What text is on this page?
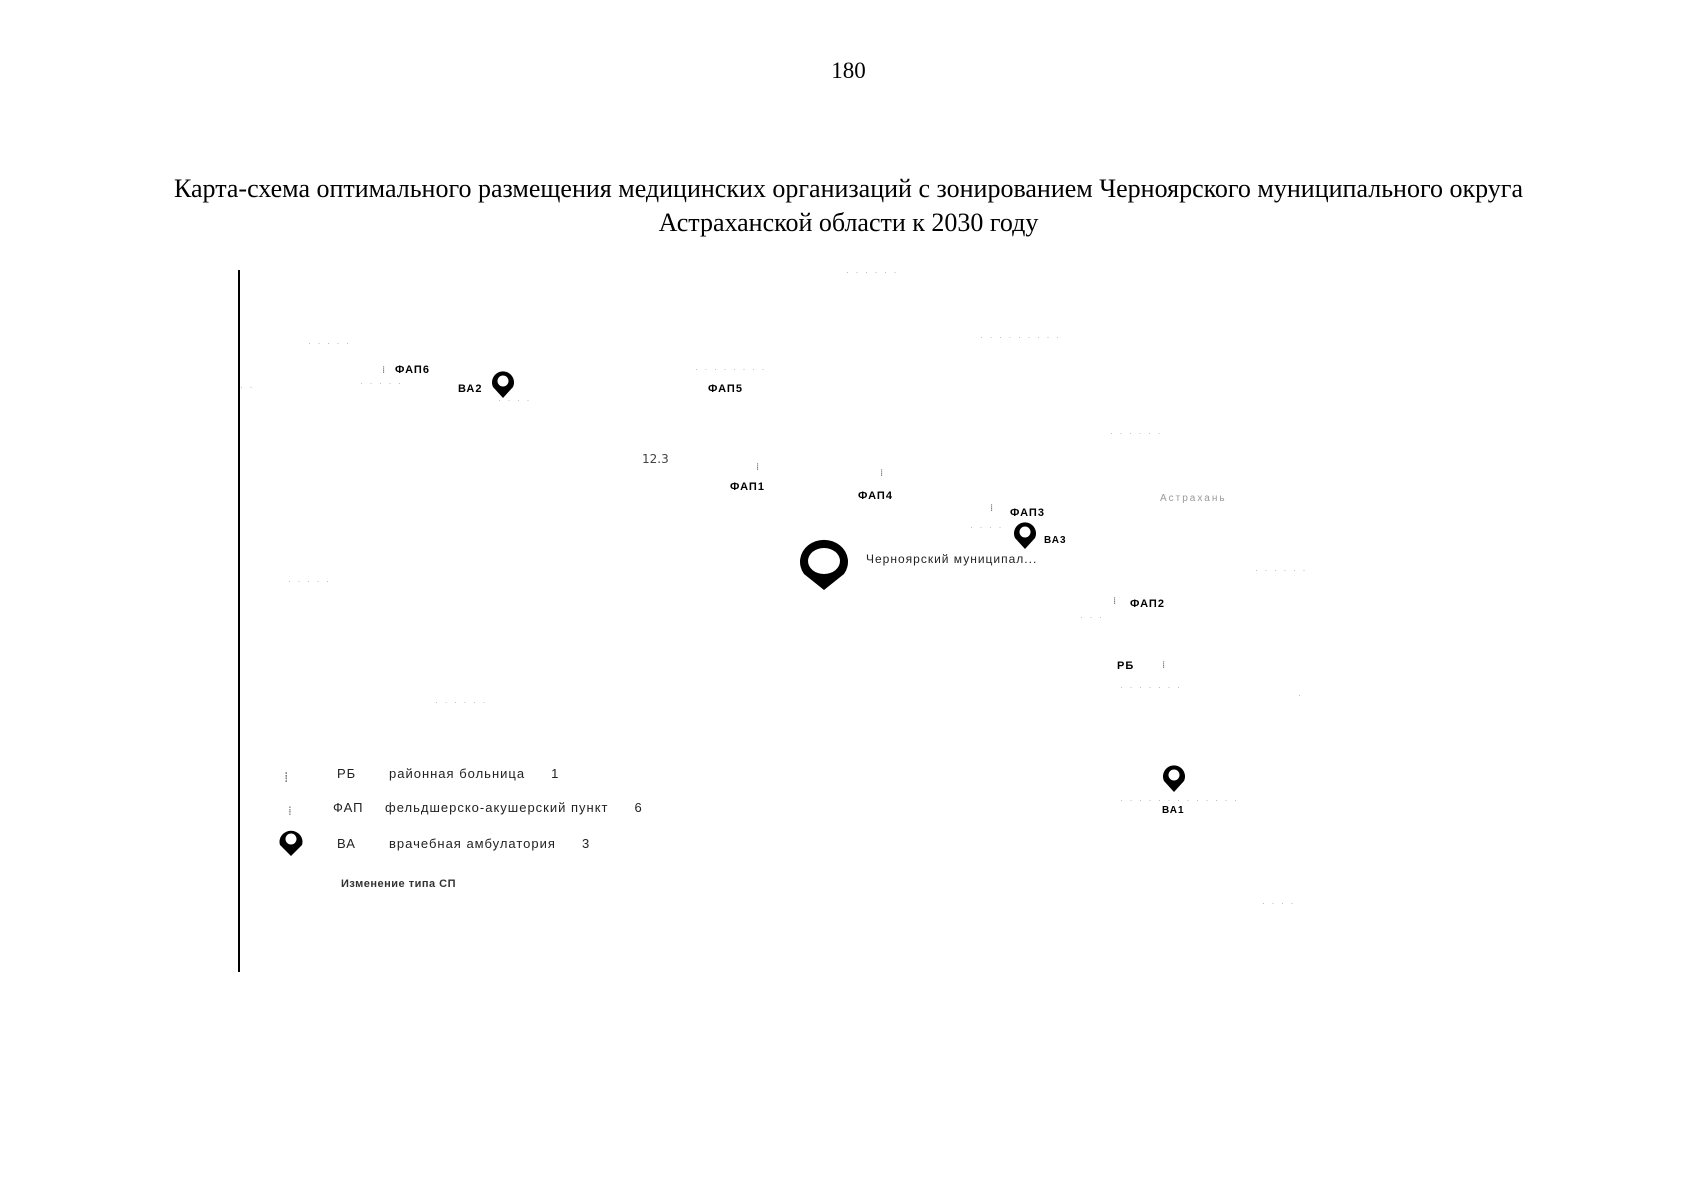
180
Карта-схема оптимального размещения медицинских организаций с зонированием Черноярского муниципального округа
Астраханской области к 2030 году
· · · · · ·
· · · · ·
· · · · · · · · ·
· · · · · · · ·
· ·	· · · · ·
· · · ·
· · · · · ·
· · · · ·
· · · · · ·
· · ·
· · · · · · ·
·
· · · · · ·
· · · · · · · · · · · · ·
· · · ·
· · · ·
⁞
⁞
⁞
⁞
⁞
⁞
ФАП6
ВА2	ФАП5
12.3
ФАП1
ФАП4
ФАП3
ВА3
Астрахань
Черноярский муниципал...
ФАП2
РБ
ВА1
⁞	РБ	районная больница 1
⁞	ФАП фельдшерско-акушерский пункт 6
ВА	врачебная амбулатория 3
Изменение типа СП
